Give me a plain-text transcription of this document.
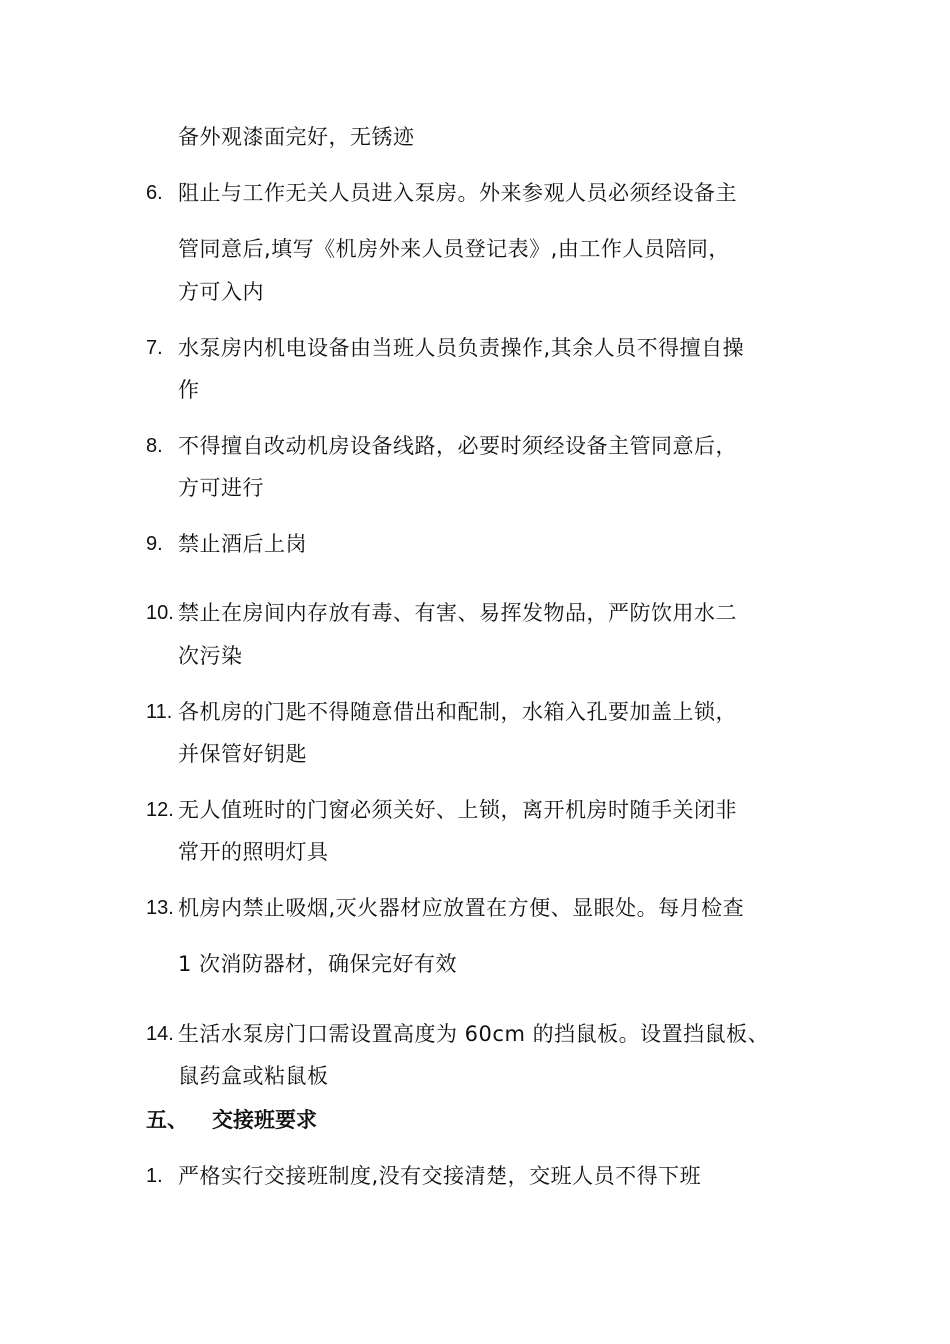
备外观漆面完好，无锈迹
6. 阻止与工作无关人员进入泵房。外来参观人员必须经设备主
管同意后,填写《机房外来人员登记表》,由工作人员陪同，
方可入内
7. 水泵房内机电设备由当班人员负责操作,其余人员不得擅自操
作
8. 不得擅自改动机房设备线路，必要时须经设备主管同意后，
方可进行
9. 禁止酒后上岗
10. 禁止在房间内存放有毒、有害、易挥发物品，严防饮用水二
次污染
11. 各机房的门匙不得随意借出和配制，水箱入孔要加盖上锁，
并保管好钥匙
12. 无人值班时的门窗必须关好、上锁，离开机房时随手关闭非
常开的照明灯具
13. 机房内禁止吸烟,灭火器材应放置在方便、显眼处。每月检查
1 次消防器材，确保完好有效
14. 生活水泵房门口需设置高度为 60cm 的挡鼠板。设置挡鼠板、
鼠药盒或粘鼠板
五、 交接班要求
1. 严格实行交接班制度,没有交接清楚，交班人员不得下班
